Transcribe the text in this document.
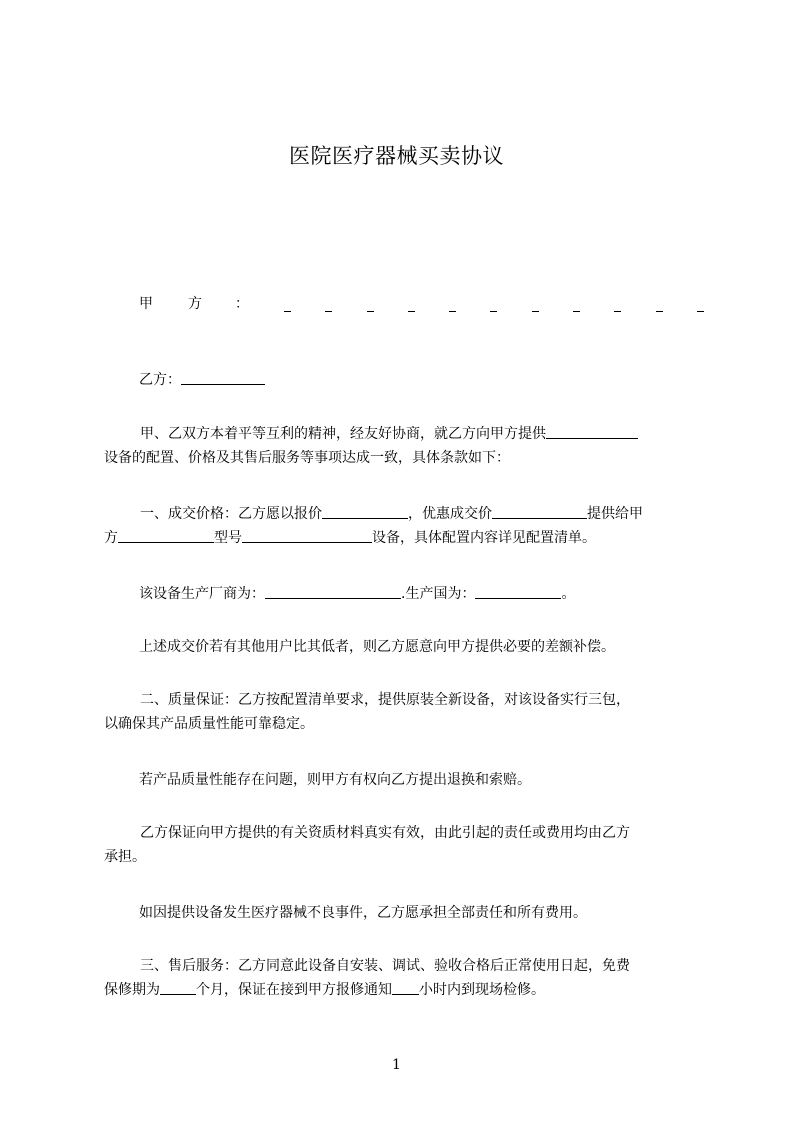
医院医疗器械买卖协议
甲	方 ：

乙方：

甲、乙双方本着平等互利的精神，经友好协商，就乙方向甲方提供
设备的配置、价格及其售后服务等事项达成一致，具体条款如下：
一、成交价格：乙方愿以报价	，优惠成交价	提供给甲
方	型号	设备，具体配置内容详见配置清单。

该设备生产厂商为：	.生产国为：	。

上述成交价若有其他用户比其低者，则乙方愿意向甲方提供必要的差额补偿。

二、质量保证：乙方按配置清单要求，提供原装全新设备，对该设备实行三包，
以确保其产品质量性能可靠稳定。

若产品质量性能存在问题，则甲方有权向乙方提出退换和索赔。

乙方保证向甲方提供的有关资质材料真实有效，由此引起的责任或费用均由乙方
承担。

如因提供设备发生医疗器械不良事件，乙方愿承担全部责任和所有费用。

三、售后服务：乙方同意此设备自安装、调试、验收合格后正常使用日起，免费
保修期为	个月，保证在接到甲方报修通知 小时内到现场检修。
1
